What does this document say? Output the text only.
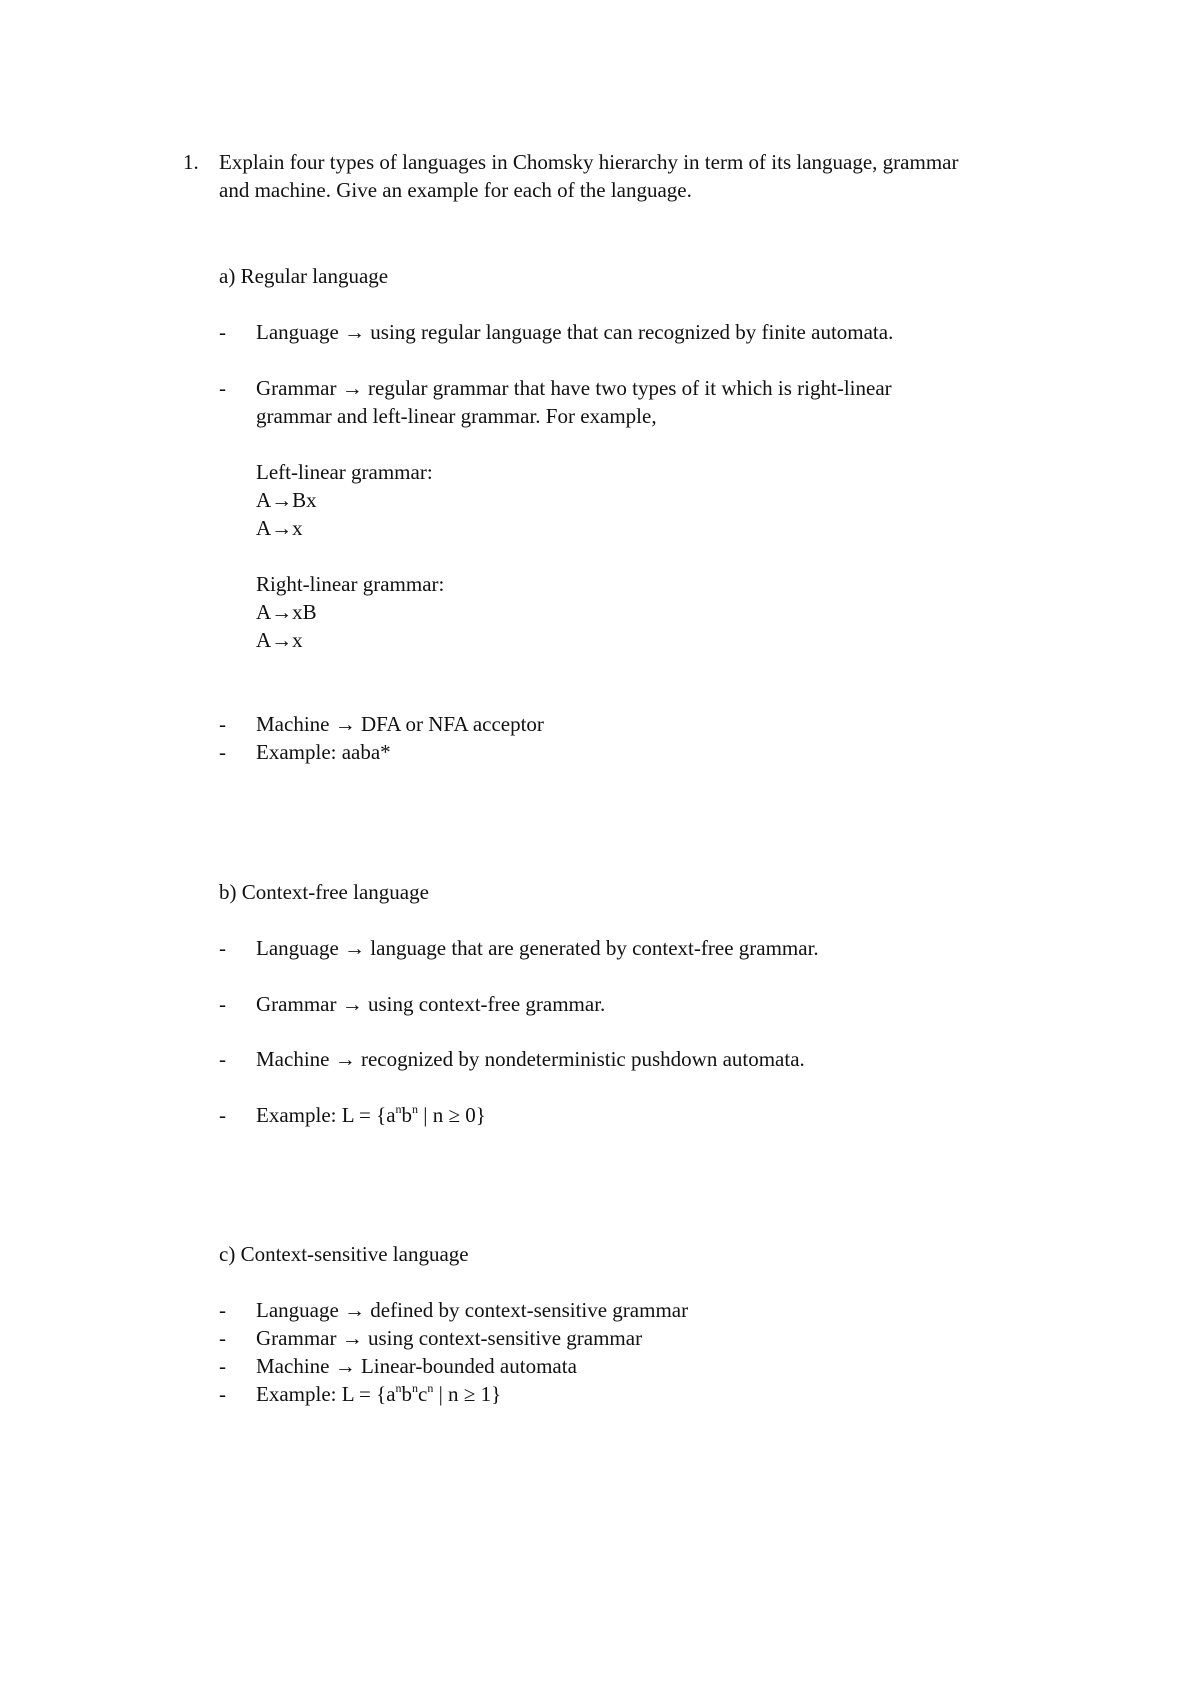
1. Explain four types of languages in Chomsky hierarchy in term of its language, grammar
and machine. Give an example for each of the language.
a) Regular language
- Language → using regular language that can recognized by finite automata.
- Grammar → regular grammar that have two types of it which is right-linear
grammar and left-linear grammar. For example,
Left-linear grammar:
A→Bx
A→x
Right-linear grammar:
A→xB
A→x
- Machine → DFA or NFA acceptor
- Example: aaba*
b) Context-free language
- Language → language that are generated by context-free grammar.
- Grammar → using context-free grammar.
- Machine → recognized by nondeterministic pushdown automata.
- Example: $L = \{a^nb^n$ | n ≥ 0}
c) Context-sensitive language
- Language → defined by context-sensitive grammar
- Grammar → using context-sensitive grammar
- Machine → Linear-bounded automata
- Example: $L = \{a^nb^nc^n$ | n ≥ 1}
